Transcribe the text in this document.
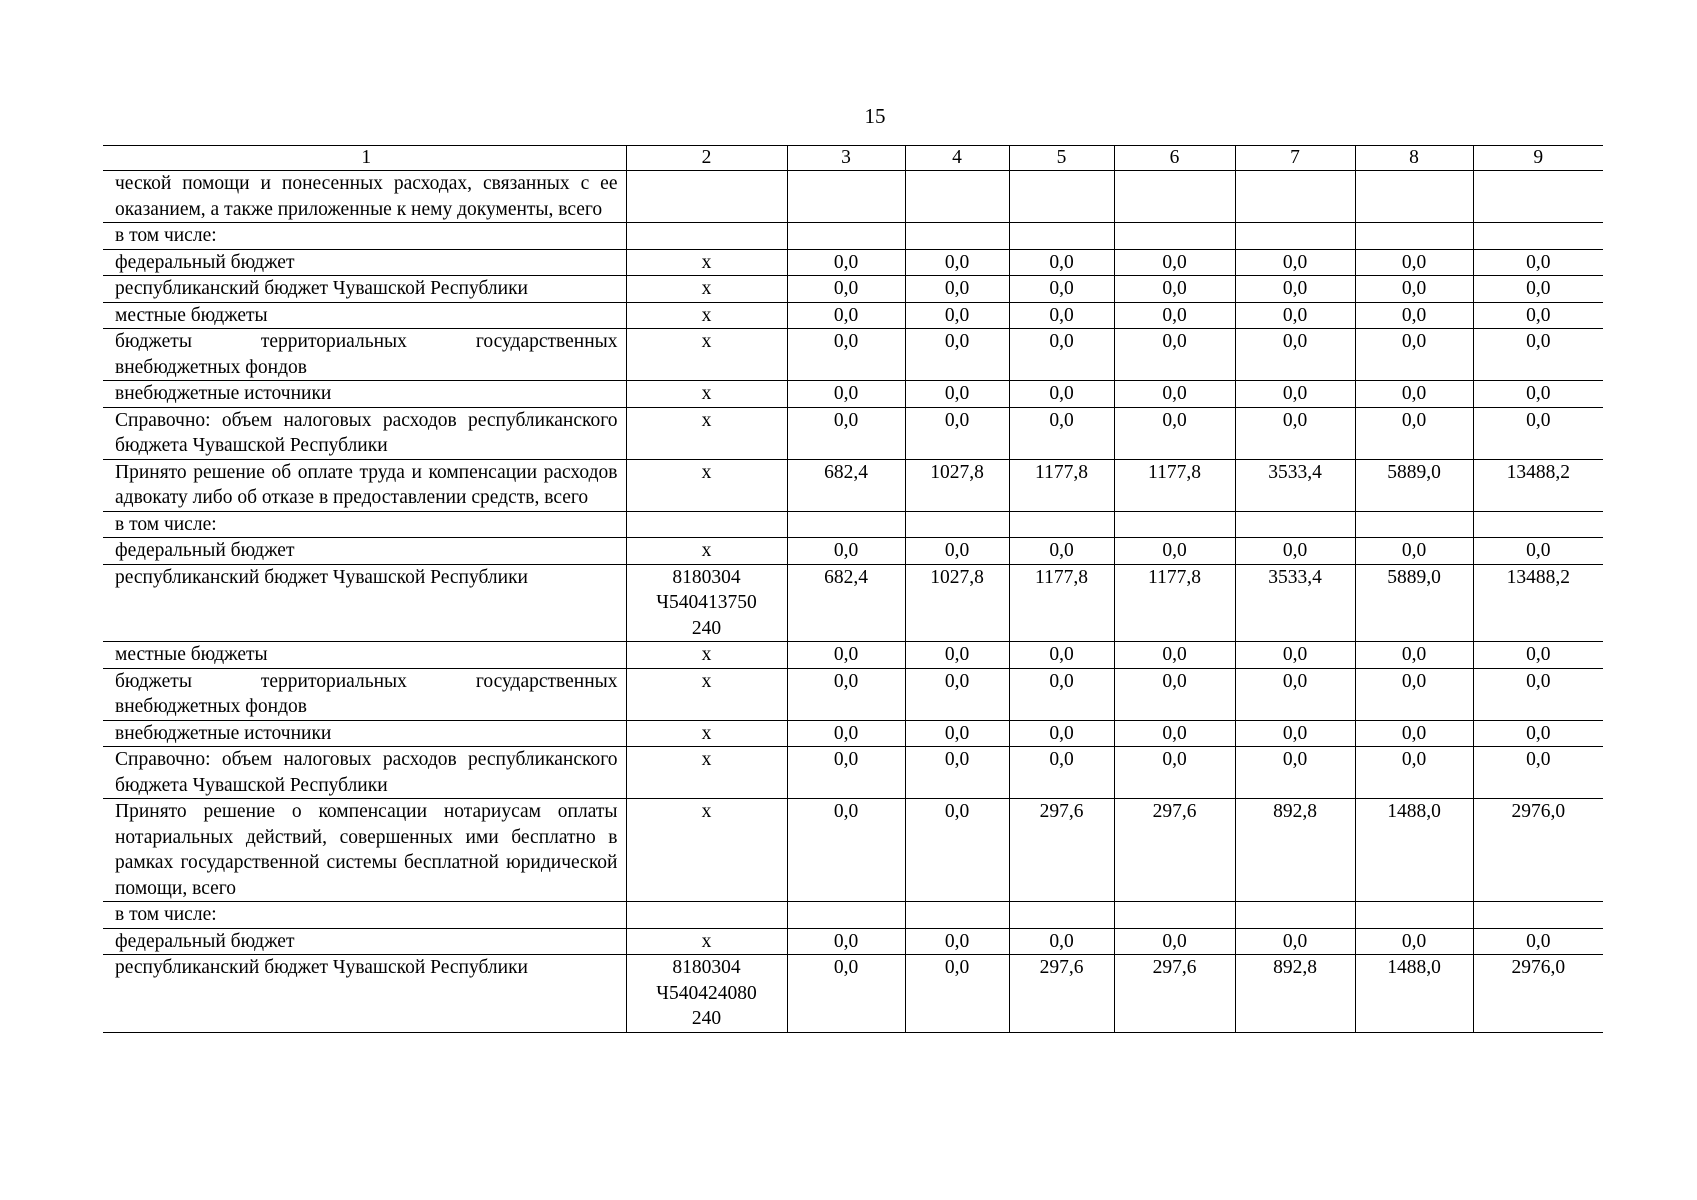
15
1	2	3	4	5	6	7	8	9
ческой помощи и понесенных расходах, связанных с ее оказанием, а также приложенные к нему документы, всего								
в том числе:								
федеральный бюджет	x	0,0	0,0	0,0	0,0	0,0	0,0	0,0
республиканский бюджет Чувашской Республики	x	0,0	0,0	0,0	0,0	0,0	0,0	0,0
местные бюджеты	x	0,0	0,0	0,0	0,0	0,0	0,0	0,0
бюджеты территориальных государственных внебюджетных фондов	x	0,0	0,0	0,0	0,0	0,0	0,0	0,0
внебюджетные источники	x	0,0	0,0	0,0	0,0	0,0	0,0	0,0
Справочно: объем налоговых расходов республиканского бюджета Чувашской Республики	x	0,0	0,0	0,0	0,0	0,0	0,0	0,0
Принято решение об оплате труда и компенсации расходов адвокату либо об отказе в предоставлении средств, всего	x	682,4	1027,8	1177,8	1177,8	3533,4	5889,0	13488,2
в том числе:								
федеральный бюджет	x	0,0	0,0	0,0	0,0	0,0	0,0	0,0
республиканский бюджет Чувашской Республики	8180304
Ч540413750
240	682,4	1027,8	1177,8	1177,8	3533,4	5889,0	13488,2
местные бюджеты	x	0,0	0,0	0,0	0,0	0,0	0,0	0,0
бюджеты территориальных государственных внебюджетных фондов	x	0,0	0,0	0,0	0,0	0,0	0,0	0,0
внебюджетные источники	x	0,0	0,0	0,0	0,0	0,0	0,0	0,0
Справочно: объем налоговых расходов республиканского бюджета Чувашской Республики	x	0,0	0,0	0,0	0,0	0,0	0,0	0,0
Принято решение о компенсации нотариусам оплаты нотариальных действий, совершенных ими бесплатно в рамках государственной системы бесплатной юридической помощи, всего	x	0,0	0,0	297,6	297,6	892,8	1488,0	2976,0
в том числе:								
федеральный бюджет	x	0,0	0,0	0,0	0,0	0,0	0,0	0,0
республиканский бюджет Чувашской Республики	8180304
Ч540424080
240	0,0	0,0	297,6	297,6	892,8	1488,0	2976,0
